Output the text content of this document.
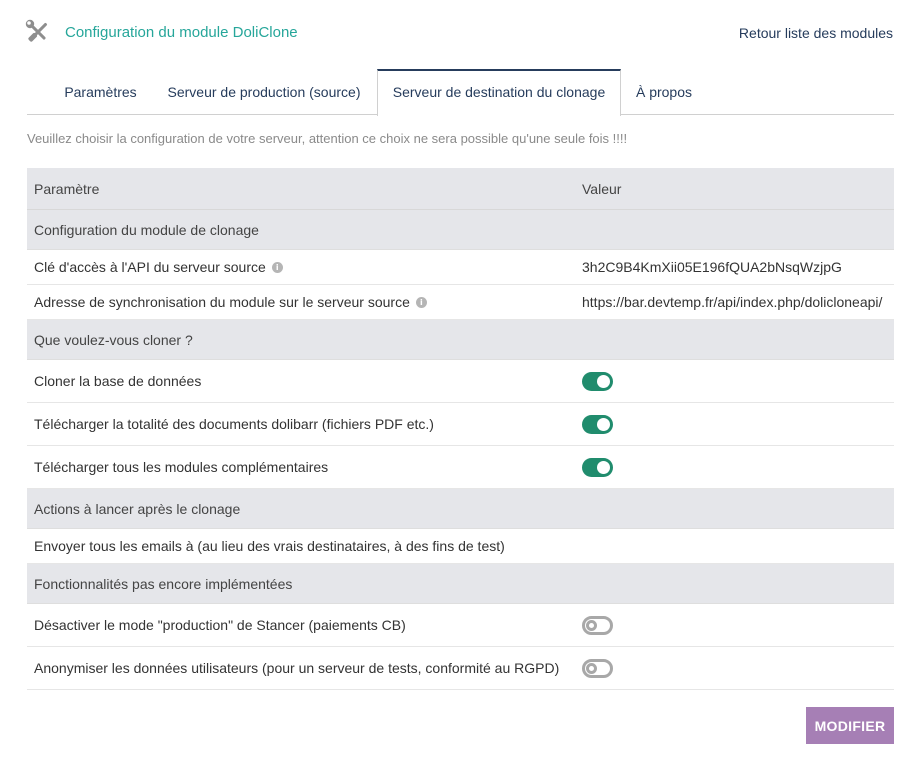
Configuration du module DoliClone	Retour liste des modules
Paramètres	Serveur de production (source)	Serveur de destination du clonage	À propos
Veuillez choisir la configuration de votre serveur, attention ce choix ne sera possible qu'une seule fois !!!!
Paramètre	Valeur
Configuration du module de clonage
Clé d'accès à l'API du serveur source	i	3h2C9B4KmXii05E196fQUA2bNsqWzjpG
Adresse de synchronisation du module sur le serveur source	i	https://bar.devtemp.fr/api/index.php/dolicloneapi/
Que voulez-vous cloner ?
Cloner la base de données
Télécharger la totalité des documents dolibarr (fichiers PDF etc.)
Télécharger tous les modules complémentaires
Actions à lancer après le clonage
Envoyer tous les emails à (au lieu des vrais destinataires, à des fins de test)
Fonctionnalités pas encore implémentées
Désactiver le mode "production" de Stancer (paiements CB)
Anonymiser les données utilisateurs (pour un serveur de tests, conformité au RGPD)
MODIFIER
